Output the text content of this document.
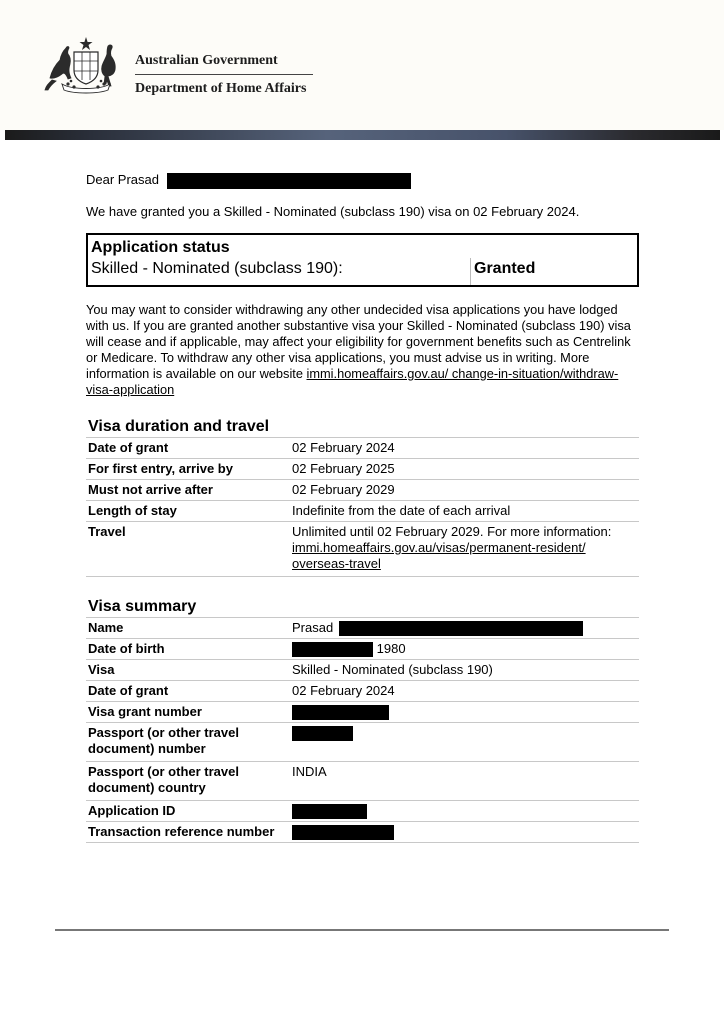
Australian Government
Department of Home Affairs
Dear Prasad

We have granted you a Skilled - Nominated (subclass 190) visa on 02 February 2024.

Application status
Skilled - Nominated (subclass 190):	Granted

You may want to consider withdrawing any other undecided visa applications you have lodged with us. If you are granted another substantive visa your Skilled - Nominated (subclass 190) visa will cease and if applicable, may affect your eligibility for government benefits such as Centrelink or Medicare. To withdraw any other visa applications, you must advise us in writing. More information is available on our website immi.homeaffairs.gov.au/ change-in-situation/withdraw-visa-application

Visa duration and travel
Date of grant	02 February 2024
For first entry, arrive by	02 February 2025
Must not arrive after	02 February 2029
Length of stay	Indefinite from the date of each arrival
Travel	Unlimited until 02 February 2029. For more information:
immi.homeaffairs.gov.au/visas/permanent-resident/ overseas-travel
Visa summary
Name	Prasad
Date of birth	1980
Visa	Skilled - Nominated (subclass 190)
Date of grant	02 February 2024
Visa grant number	
Passport (or other travel document) number	
Passport (or other travel document) country	INDIA
Application ID	
Transaction reference number	
